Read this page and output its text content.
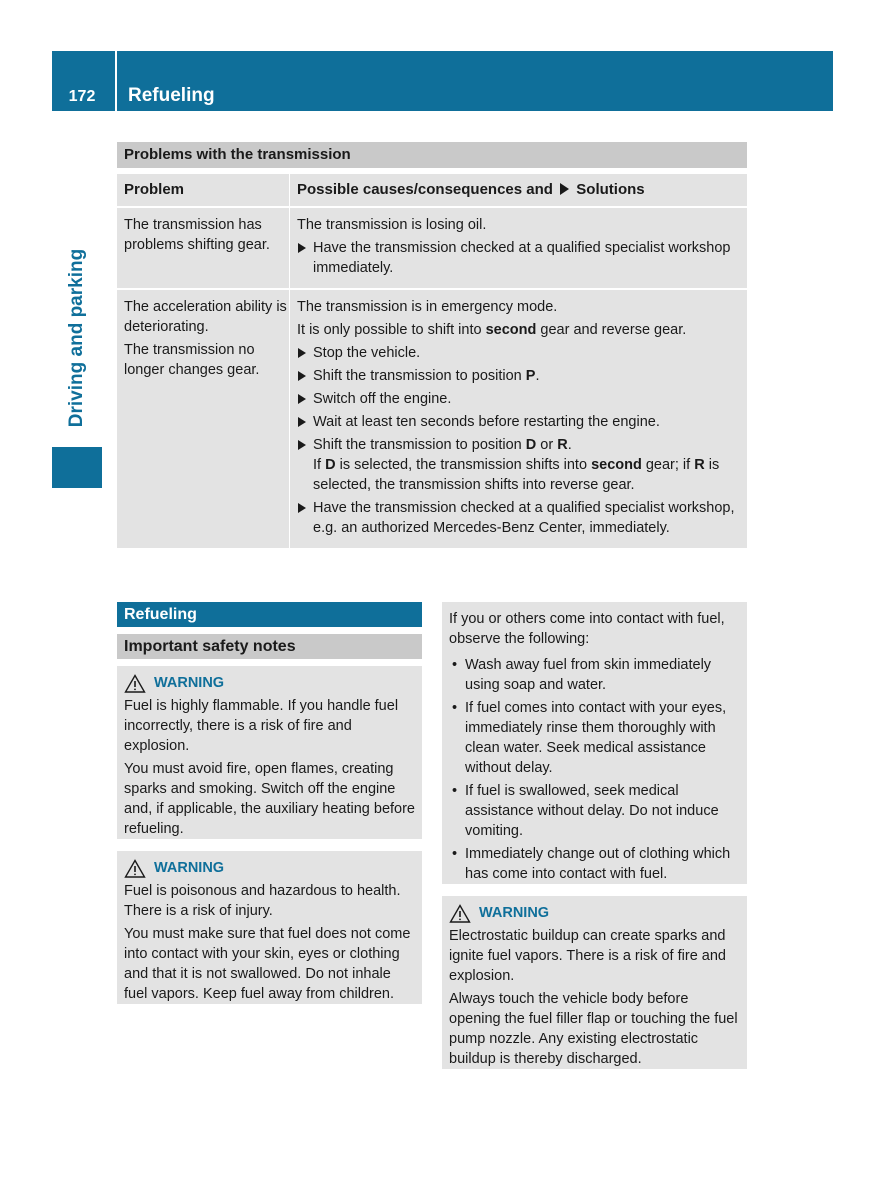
172	Refueling
Driving and parking
Problems with the transmission
Problem	Possible causes/consequences and Solutions

The transmission has problems shifting gear.

The transmission is losing oil.

Have the transmission checked at a qualified specialist workshop immediately.

The acceleration ability is deteriorating.

The transmission no longer changes gear.

The transmission is in emergency mode.

It is only possible to shift into second gear and reverse gear.

Stop the vehicle.
Shift the transmission to position P.
Switch off the engine.
Wait at least ten seconds before restarting the engine.
Shift the transmission to position D or R.
If D is selected, the transmission shifts into second gear; if R is selected, the transmission shifts into reverse gear.
Have the transmission checked at a qualified specialist workshop, e.g. an authorized Mercedes-Benz Center, immediately.
Refueling
Important safety notes
WARNING

Fuel is highly flammable. If you handle fuel incorrectly, there is a risk of fire and explosion.

You must avoid fire, open flames, creating sparks and smoking. Switch off the engine and, if applicable, the auxiliary heating before refueling.

WARNING

Fuel is poisonous and hazardous to health. There is a risk of injury.

You must make sure that fuel does not come into contact with your skin, eyes or clothing and that it is not swallowed. Do not inhale fuel vapors. Keep fuel away from children.

If you or others come into contact with fuel, observe the following:

• Wash away fuel from skin immediately using soap and water.
• If fuel comes into contact with your eyes, immediately rinse them thoroughly with clean water. Seek medical assistance without delay.
• If fuel is swallowed, seek medical assistance without delay. Do not induce vomiting.
• Immediately change out of clothing which has come into contact with fuel.
WARNING

Electrostatic buildup can create sparks and ignite fuel vapors. There is a risk of fire and explosion.

Always touch the vehicle body before opening the fuel filler flap or touching the fuel pump nozzle. Any existing electrostatic buildup is thereby discharged.
